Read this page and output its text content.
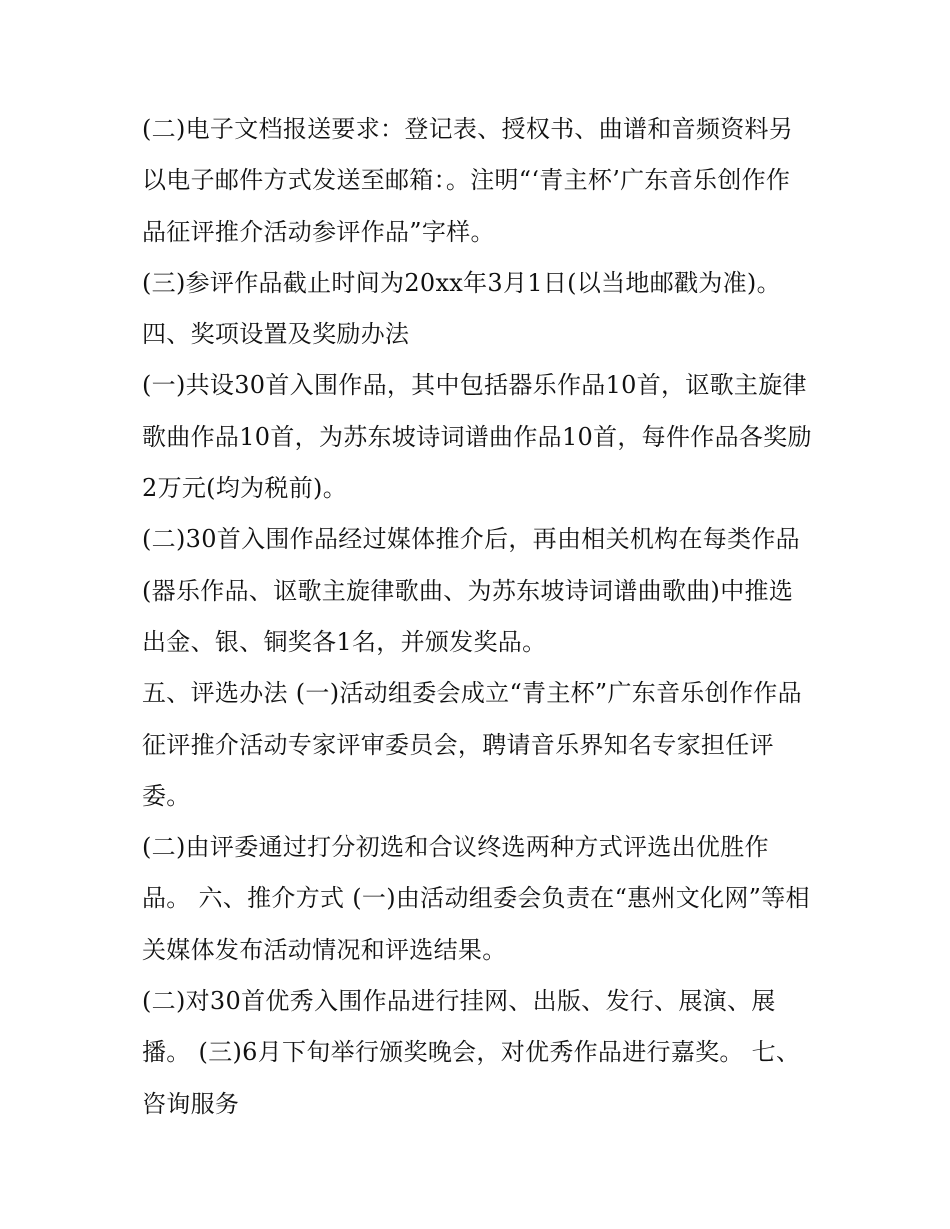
(二)电子文档报送要求：登记表、授权书、曲谱和音频资料另以电子邮件方式发送至邮箱：。注明“‘青主杯’广东音乐创作作品征评推介活动参评作品”字样。

(三)参评作品截止时间为20xx年3月1日(以当地邮戳为准)。

四、奖项设置及奖励办法

(一)共设30首入围作品，其中包括器乐作品10首，讴歌主旋律歌曲作品10首，为苏东坡诗词谱曲作品10首，每件作品各奖励2万元(均为税前)。

(二)30首入围作品经过媒体推介后，再由相关机构在每类作品(器乐作品、讴歌主旋律歌曲、为苏东坡诗词谱曲歌曲)中推选出金、银、铜奖各1名，并颁发奖品。

五、评选办法 (一)活动组委会成立“青主杯”广东音乐创作作品征评推介活动专家评审委员会，聘请音乐界知名专家担任评委。

(二)由评委通过打分初选和合议终选两种方式评选出优胜作品。 六、推介方式 (一)由活动组委会负责在“惠州文化网”等相关媒体发布活动情况和评选结果。

(二)对30首优秀入围作品进行挂网、出版、发行、展演、展播。 (三)6月下旬举行颁奖晚会，对优秀作品进行嘉奖。 七、咨询服务
